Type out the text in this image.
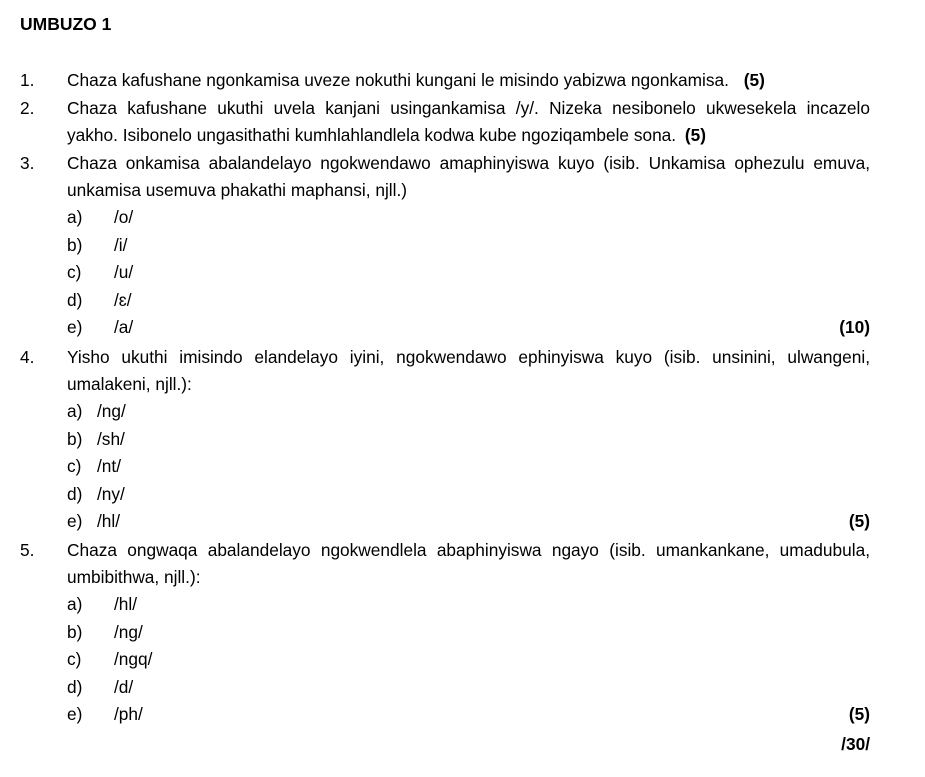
UMBUZO 1
1. Chaza kafushane ngonkamisa uveze nokuthi kungani le misindo yabizwa ngonkamisa. (5)
2. Chaza kafushane ukuthi uvela kanjani usingankamisa /y/. Nizeka nesibonelo ukwesekela incazelo yakho. Isibonelo ungasithathi kumhlahlandlela kodwa kube ngoziqambele sona. (5)
3. Chaza onkamisa abalandelayo ngokwendawo amaphinyiswa kuyo (isib. Unkamisa ophezulu emuva, unkamisa usemuva phakathi maphansi, njll.)
a) /o/
b) /i/
c) /u/
d) /ɛ/
e) /a/	(10)
4. Yisho ukuthi imisindo elandelayo iyini, ngokwendawo ephinyiswa kuyo (isib. unsinini, ulwangeni, umalakeni, njll.):
a) /ng/
b) /sh/
c) /nt/
d) /ny/
e) /hl/	(5)
5. Chaza ongwaqa abalandelayo ngokwendlela abaphinyiswa ngayo (isib. umankankane, umadubula, umbibithwa, njll.):
a) /hl/
b) /ng/
c) /ngq/
d) /d/
e) /ph/	(5)
/30/
